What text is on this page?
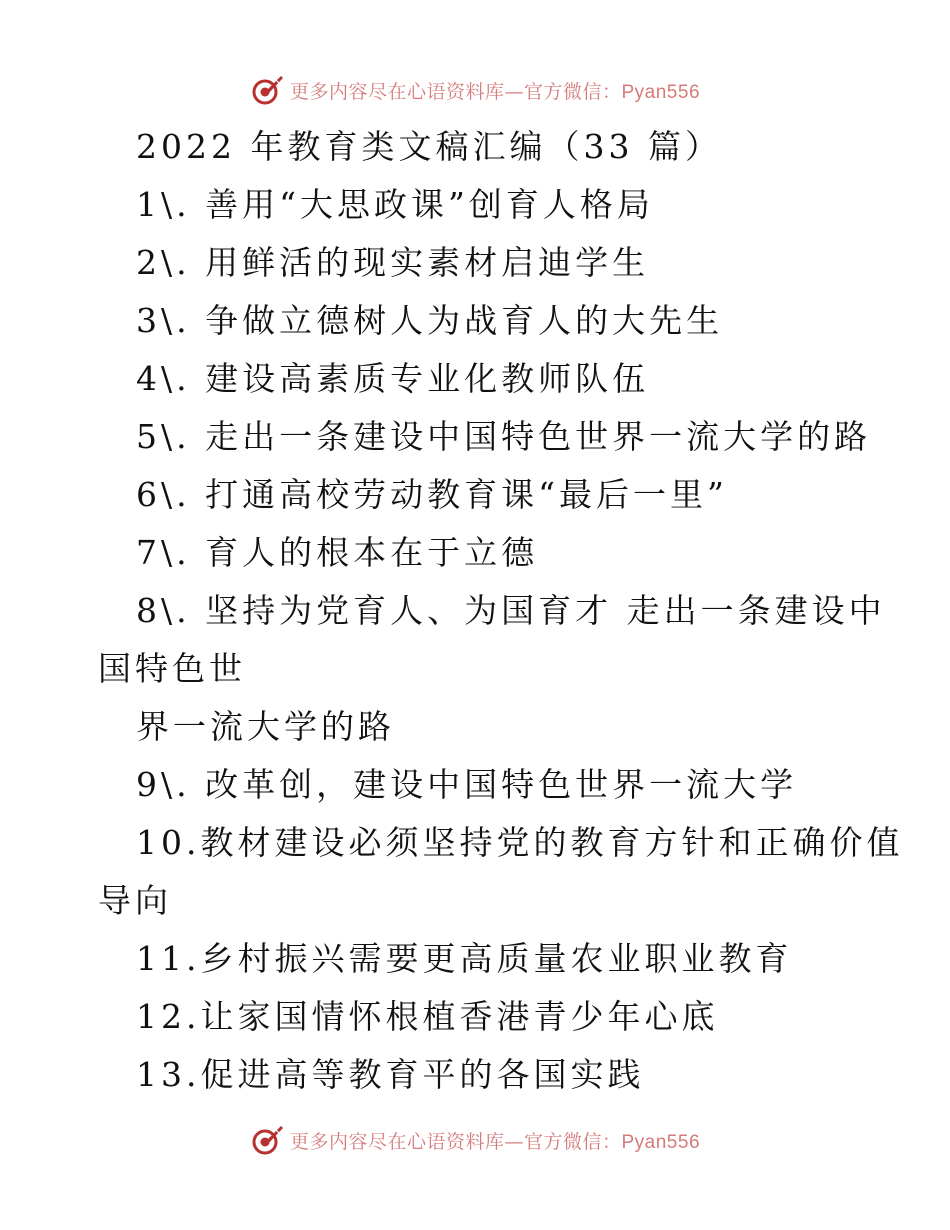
更多内容尽在心语资料库—官方微信：Pyan556
2022 年教育类文稿汇编（33 篇）
1\. 善用“大思政课”创育人格局
2\. 用鲜活的现实素材启迪学生
3\. 争做立德树人为战育人的大先生
4\. 建设高素质专业化教师队伍
5\. 走出一条建设中国特色世界一流大学的路
6\. 打通高校劳动教育课“最后一里”
7\. 育人的根本在于立德
8\. 坚持为党育人、为国育才 走出一条建设中
国特色世
界一流大学的路
9\. 改革创，建设中国特色世界一流大学
10.教材建设必须坚持党的教育方针和正确价值
导向
11.乡村振兴需要更高质量农业职业教育
12.让家国情怀根植香港青少年心底
13.促进高等教育平的各国实践
更多内容尽在心语资料库—官方微信：Pyan556
